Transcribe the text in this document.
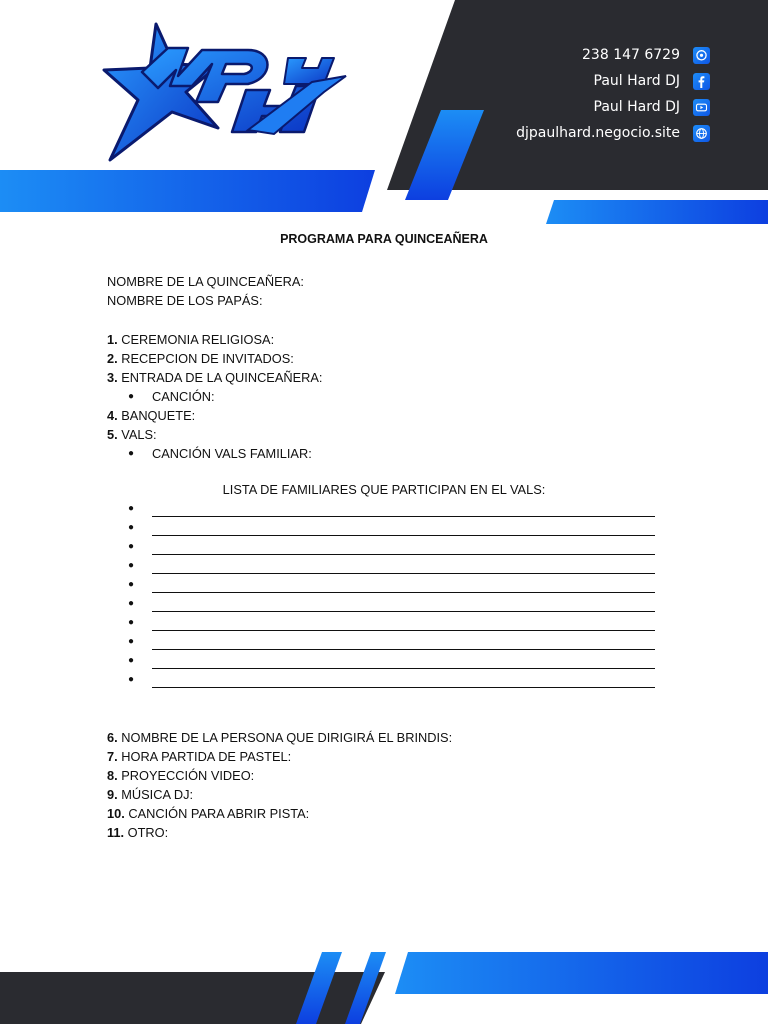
238 147 6729
Paul Hard DJ
Paul Hard DJ
djpaulhard.negocio.site
PROGRAMA PARA QUINCEAÑERA
NOMBRE DE LA QUINCEAÑERA:
NOMBRE DE LOS PAPÁS:
1. CEREMONIA RELIGIOSA:
2. RECEPCION DE INVITADOS:
3. ENTRADA DE LA QUINCEAÑERA:
● CANCIÓN:
4. BANQUETE:
5. VALS:
● CANCIÓN VALS FAMILIAR:
LISTA DE FAMILIARES QUE PARTICIPAN EN EL VALS:
●
●
●
●
●
●
●
●
●
●
6. NOMBRE DE LA PERSONA QUE DIRIGIRÁ EL BRINDIS:
7. HORA PARTIDA DE PASTEL:
8. PROYECCIÓN VIDEO:
9. MÚSICA DJ:
10. CANCIÓN PARA ABRIR PISTA:
11. OTRO:
